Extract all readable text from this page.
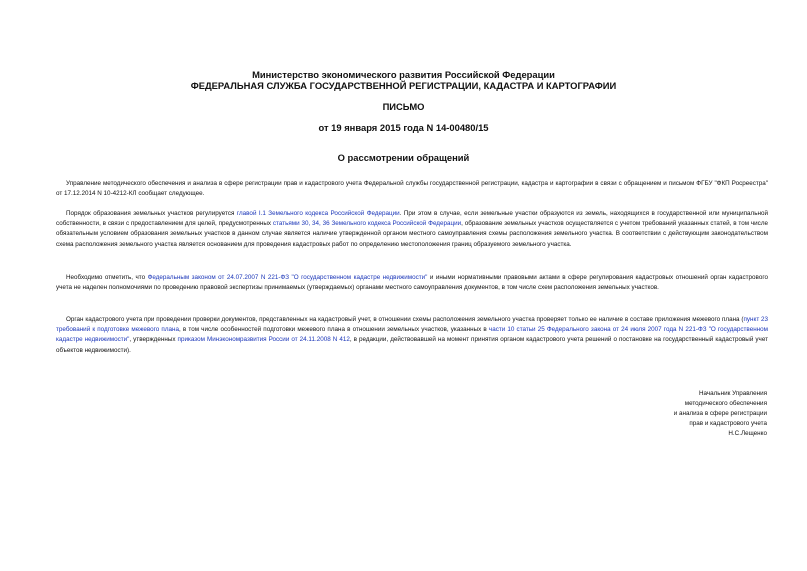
Министерство экономического развития Российской Федерации
ФЕДЕРАЛЬНАЯ СЛУЖБА ГОСУДАРСТВЕННОЙ РЕГИСТРАЦИИ, КАДАСТРА И КАРТОГРАФИИ
ПИСЬМО
от 19 января 2015 года N 14-00480/15
О рассмотрении обращений

Управление методического обеспечения и анализа в сфере регистрации прав и кадастрового учета Федеральной службы государственной регистрации, кадастра и картографии в связи с обращением и письмом ФГБУ "ФКП Росреестра" от 17.12.2014 N 10-4212-КЛ сообщает следующее.

Порядок образования земельных участков регулируется главой I.1 Земельного кодекса Российской Федерации. При этом в случае, если земельные участки образуются из земель, находящихся в государственной или муниципальной собственности, в связи с предоставлением для целей, предусмотренных статьями 30, 34, 36 Земельного кодекса Российской Федерации, образование земельных участков осуществляется с учетом требований указанных статей, в том числе обязательным условием образования земельных участков в данном случае является наличие утвержденной органом местного самоуправления схемы расположения земельного участка. В соответствии с действующим законодательством схема расположения земельного участка является основанием для проведения кадастровых работ по определению местоположения границ образуемого земельного участка.

Необходимо отметить, что Федеральным законом от 24.07.2007 N 221-ФЗ "О государственном кадастре недвижимости" и иными нормативными правовыми актами в сфере регулирования кадастровых отношений орган кадастрового учета не наделен полномочиями по проведению правовой экспертизы принимаемых (утверждаемых) органами местного самоуправления документов, в том числе схем расположения земельных участков.

Орган кадастрового учета при проведении проверки документов, представленных на кадастровый учет, в отношении схемы расположения земельного участка проверяет только ее наличие в составе приложения межевого плана (пункт 23 требований к подготовке межевого плана, в том числе особенностей подготовки межевого плана в отношении земельных участков, указанных в части 10 статьи 25 Федерального закона от 24 июля 2007 года N 221-ФЗ "О государственном кадастре недвижимости", утвержденных приказом Минэкономразвития России от 24.11.2008 N 412, в редакции, действовавшей на момент принятия органом кадастрового учета решений о постановке на государственный кадастровый учет объектов недвижимости).

Начальник Управления
методического обеспечения
и анализа в сфере регистрации
прав и кадастрового учета
Н.С.Лещенко
